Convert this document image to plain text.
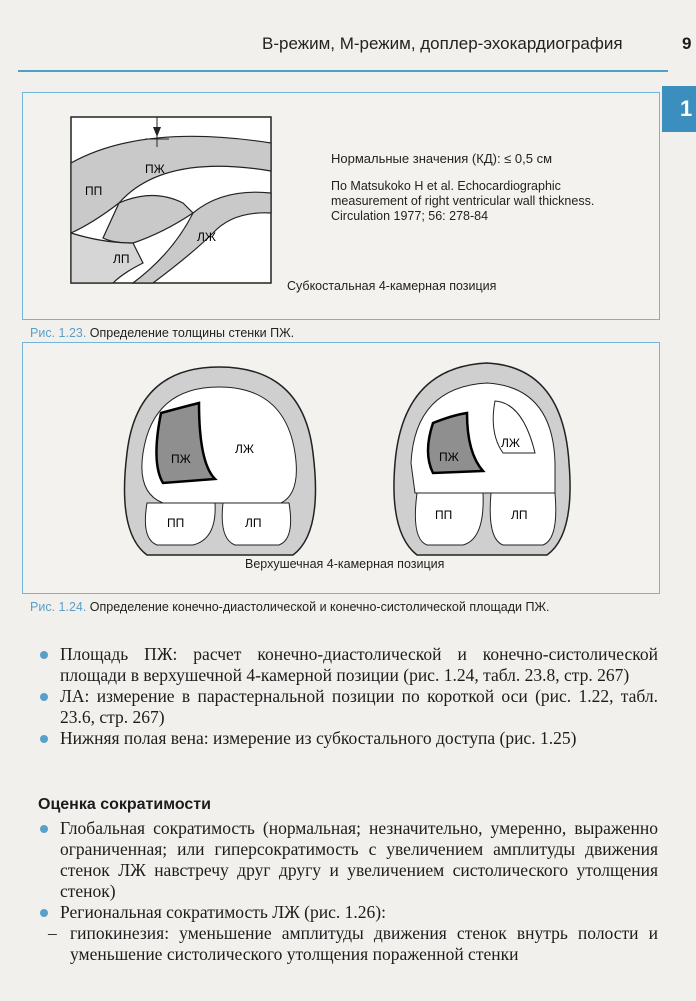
В-режим, М-режим, доплер-эхокардиография	9
1
ПЖ
ПП
ЛЖ
ЛП
Нормальные значения (КД): ≤ 0,5 см
По Matsukoko H et al. Echocardiographic measurement of right ventricular wall thickness. Circulation 1977; 56: 278-84
Субкостальная 4-камерная позиция
Рис. 1.23. Определение толщины стенки ПЖ.
ПЖ
ЛЖ
ПП	ЛП
ПЖ
ЛЖ
ПП	ЛП
Верхушечная 4-камерная позиция
Рис. 1.24. Определение конечно-диастолической и конечно-систолической площади ПЖ.

Площадь ПЖ: расчет конечно-диастолической и конечно-систолической площади в верхушечной 4-камерной позиции (рис. 1.24, табл. 23.8, стр. 267)

ЛА: измерение в парастернальной позиции по короткой оси (рис. 1.22, табл. 23.6, стр. 267)

Нижняя полая вена: измерение из субкостального доступа (рис. 1.25)

Оценка сократимости

Глобальная сократимость (нормальная; незначительно, умеренно, выраженно ограниченная; или гиперсократимость с увеличением амплитуды движения стенок ЛЖ навстречу друг другу и увеличением систолического утолщения стенок)

Региональная сократимость ЛЖ (рис. 1.26):

– гипокинезия: уменьшение амплитуды движения стенок внутрь полости и уменьшение систолического утолщения пораженной стенки
